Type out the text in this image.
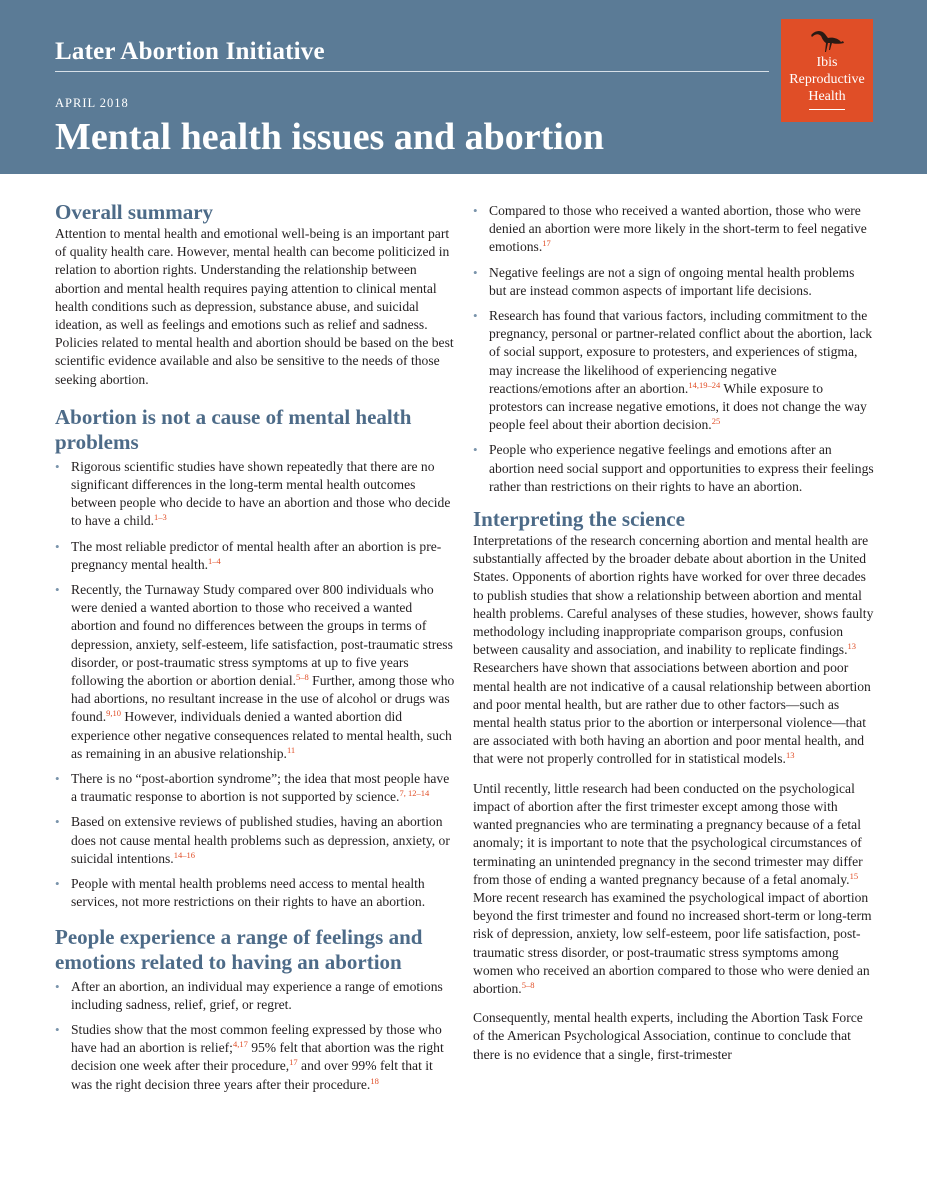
Later Abortion Initiative
APRIL 2018
Mental health issues and abortion
Ibis
Reproductive
Health
Overall summary

Attention to mental health and emotional well-being is an important part of quality health care. However, mental health can become politicized in relation to abortion rights. Understanding the relationship between abortion and mental health requires paying attention to clinical mental health conditions such as depression, substance abuse, and suicidal ideation, as well as feelings and emotions such as relief and sadness. Policies related to mental health and abortion should be based on the best scientific evidence available and also be sensitive to the needs of those seeking abortion.

Abortion is not a cause of mental health problems
• Rigorous scientific studies have shown repeatedly that there are no significant differences in the long-term mental health outcomes between people who decide to have an abortion and those who decide to have a child.$^{1-3}$
• The most reliable predictor of mental health after an abortion is pre-pregnancy mental health.$^{1-4}$
• Recently, the Turnaway Study compared over 800 individuals who were denied a wanted abortion to those who received a wanted abortion and found no differences between the groups in terms of depression, anxiety, self-esteem, life satisfaction, post-traumatic stress disorder, or post-traumatic stress symptoms at up to five years following the abortion or abortion denial.$^{5-8}$ Further, among those who had abortions, no resultant increase in the use of alcohol or drugs was found.$^{9,10}$ However, individuals denied a wanted abortion did experience other negative consequences related to mental health, such as remaining in an abusive relationship.$^{11}$
• There is no “post-abortion syndrome”; the idea that most people have a traumatic response to abortion is not supported by science.$^{7, 12-14}$
• Based on extensive reviews of published studies, having an abortion does not cause mental health problems such as depression, anxiety, or suicidal intentions.$^{14-16}$
• People with mental health problems need access to mental health services, not more restrictions on their rights to have an abortion.
People experience a range of feelings and emotions related to having an abortion
• After an abortion, an individual may experience a range of emotions including sadness, relief, grief, or regret.
• Studies show that the most common feeling expressed by those who have had an abortion is relief;$^{4,17}$ 95% felt that abortion was the right decision one week after their procedure,$^{17}$ and over 99% felt that it was the right decision three years after their procedure.$^{18}$
• Compared to those who received a wanted abortion, those who were denied an abortion were more likely in the short-term to feel negative emotions.$^{17}$
• Negative feelings are not a sign of ongoing mental health problems but are instead common aspects of important life decisions.
• Research has found that various factors, including commitment to the pregnancy, personal or partner-related conflict about the abortion, lack of social support, exposure to protesters, and experiences of stigma, may increase the likelihood of experiencing negative reactions/emotions after an abortion.$^{14,19-24}$ While exposure to protestors can increase negative emotions, it does not change the way people feel about their abortion decision.$^{25}$
• People who experience negative feelings and emotions after an abortion need social support and opportunities to express their feelings rather than restrictions on their rights to have an abortion.
Interpreting the science

Interpretations of the research concerning abortion and mental health are substantially affected by the broader debate about abortion in the United States. Opponents of abortion rights have worked for over three decades to publish studies that show a relationship between abortion and mental health problems. Careful analyses of these studies, however, shows faulty methodology including inappropriate comparison groups, confusion between causality and association, and inability to replicate findings.$^{13}$ Researchers have shown that associations between abortion and poor mental health are not indicative of a causal relationship between abortion and poor mental health, but are rather due to other factors—such as mental health status prior to the abortion or interpersonal violence—that are associated with both having an abortion and poor mental health, and that were not properly controlled for in statistical models.$^{13}$

Until recently, little research had been conducted on the psychological impact of abortion after the first trimester except among those with wanted pregnancies who are terminating a pregnancy because of a fetal anomaly; it is important to note that the psychological circumstances of terminating an unintended pregnancy in the second trimester may differ from those of ending a wanted pregnancy because of a fetal anomaly.$^{15}$ More recent research has examined the psychological impact of abortion beyond the first trimester and found no increased short-term or long-term risk of depression, anxiety, low self-esteem, poor life satisfaction, post-traumatic stress disorder, or post-traumatic stress symptoms among women who received an abortion compared to those who were denied an abortion.$^{5-8}$

Consequently, mental health experts, including the Abortion Task Force of the American Psychological Association, continue to conclude that there is no evidence that a single, first-trimester
